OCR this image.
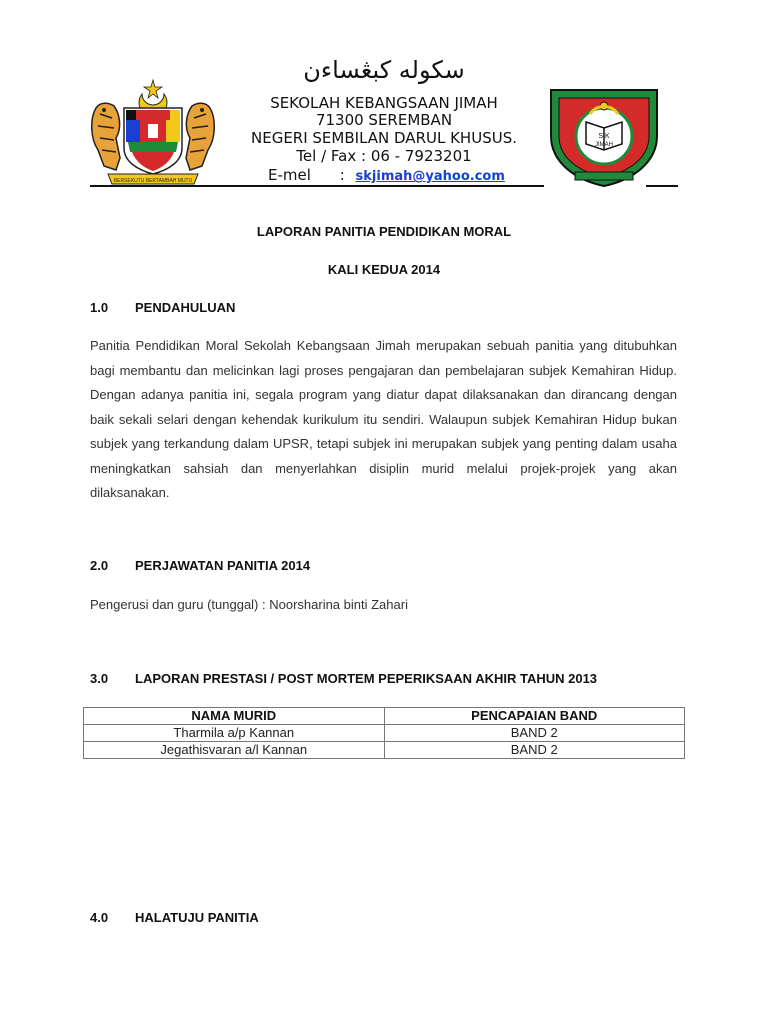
BERSEKUTU BERTAMBAH MUTU
S.K
JIMAH
سکوله كبڠساءن
SEKOLAH KEBANGSAAN JIMAH
71300 SEREMBAN
NEGERI SEMBILAN DARUL KHUSUS.
Tel / Fax : 06 - 7923201
E-mel : skjimah@yahoo.com
LAPORAN PANITIA PENDIDIKAN MORAL
KALI KEDUA 2014
1.0 PENDAHULUAN
Panitia Pendidikan Moral Sekolah Kebangsaan Jimah merupakan sebuah panitia yang ditubuhkan bagi membantu dan melicinkan lagi proses pengajaran dan pembelajaran subjek Kemahiran Hidup. Dengan adanya panitia ini, segala program yang diatur dapat dilaksanakan dan dirancang dengan baik sekali selari dengan kehendak kurikulum itu sendiri. Walaupun subjek Kemahiran Hidup bukan subjek yang terkandung dalam UPSR, tetapi subjek ini merupakan subjek yang penting dalam usaha meningkatkan sahsiah dan menyerlahkan disiplin murid melalui projek-projek yang akan dilaksanakan.
2.0 PERJAWATAN PANITIA 2014
Pengerusi dan guru (tunggal) : Noorsharina binti Zahari
3.0 LAPORAN PRESTASI / POST MORTEM PEPERIKSAAN AKHIR TAHUN 2013
NAMA MURID	PENCAPAIAN BAND
Tharmila a/p Kannan	BAND 2
Jegathisvaran a/l Kannan	BAND 2
4.0 HALATUJU PANITIA
